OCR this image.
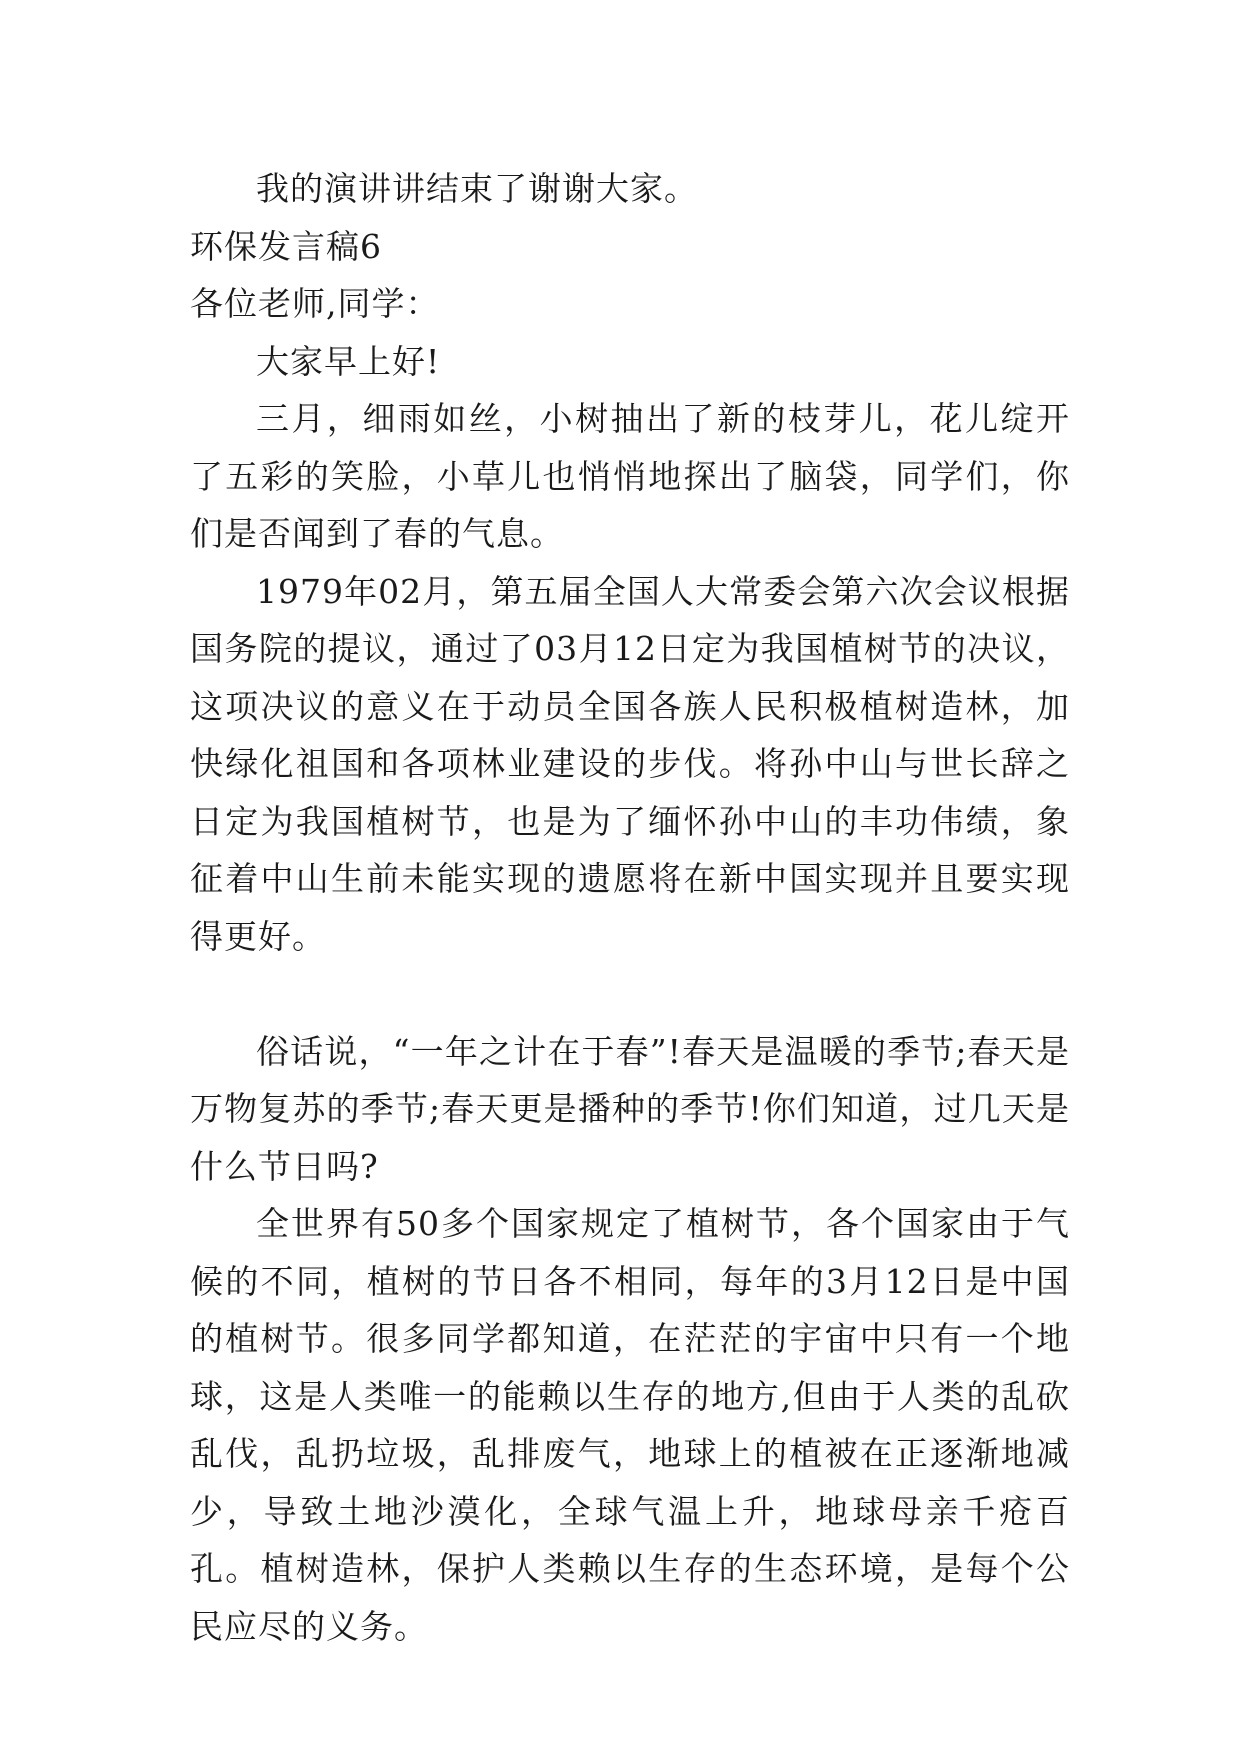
我的演讲讲结束了谢谢大家。

环保发言稿6

各位老师,同学：

大家早上好!

三月，细雨如丝，小树抽出了新的枝芽儿，花儿绽开了五彩的笑脸，小草儿也悄悄地探出了脑袋，同学们，你们是否闻到了春的气息。

1979年02月，第五届全国人大常委会第六次会议根据国务院的提议，通过了03月12日定为我国植树节的决议，这项决议的意义在于动员全国各族人民积极植树造林，加快绿化祖国和各项林业建设的步伐。将孙中山与世长辞之日定为我国植树节，也是为了缅怀孙中山的丰功伟绩，象征着中山生前未能实现的遗愿将在新中国实现并且要实现得更好。

俗话说，“一年之计在于春”!春天是温暖的季节;春天是万物复苏的季节;春天更是播种的季节!你们知道，过几天是什么节日吗?

全世界有50多个国家规定了植树节，各个国家由于气候的不同，植树的节日各不相同，每年的3月12日是中国的植树节。很多同学都知道，在茫茫的宇宙中只有一个地球，这是人类唯一的能赖以生存的地方,但由于人类的乱砍乱伐，乱扔垃圾，乱排废气，地球上的植被在正逐渐地减少，导致土地沙漠化，全球气温上升，地球母亲千疮百孔。植树造林，保护人类赖以生存的生态环境，是每个公民应尽的义务。
